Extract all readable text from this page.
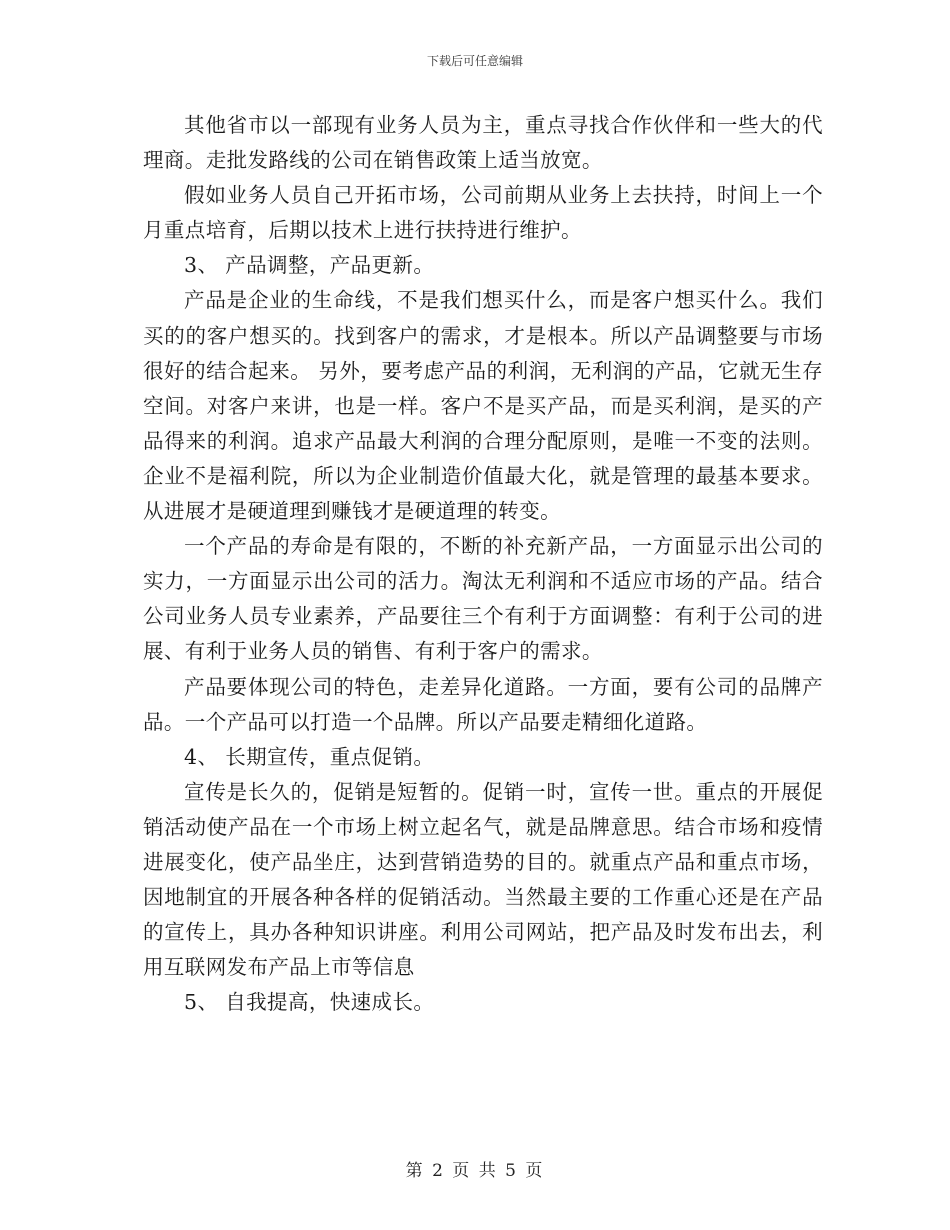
下载后可任意编辑

其他省市以一部现有业务人员为主，重点寻找合作伙伴和一些大的代理商。走批发路线的公司在销售政策上适当放宽。

假如业务人员自己开拓市场，公司前期从业务上去扶持，时间上一个月重点培育，后期以技术上进行扶持进行维护。

3、 产品调整，产品更新。

产品是企业的生命线，不是我们想买什么，而是客户想买什么。我们买的的客户想买的。找到客户的需求，才是根本。所以产品调整要与市场很好的结合起来。 另外，要考虑产品的利润，无利润的产品，它就无生存空间。对客户来讲，也是一样。客户不是买产品，而是买利润，是买的产品得来的利润。追求产品最大利润的合理分配原则，是唯一不变的法则。 企业不是福利院，所以为企业制造价值最大化，就是管理的最基本要求。从进展才是硬道理到赚钱才是硬道理的转变。

一个产品的寿命是有限的，不断的补充新产品，一方面显示出公司的实力，一方面显示出公司的活力。淘汰无利润和不适应市场的产品。结合公司业务人员专业素养，产品要往三个有利于方面调整：有利于公司的进展、有利于业务人员的销售、有利于客户的需求。

产品要体现公司的特色，走差异化道路。一方面，要有公司的品牌产品。一个产品可以打造一个品牌。所以产品要走精细化道路。

4、 长期宣传，重点促销。

宣传是长久的，促销是短暂的。促销一时，宣传一世。重点的开展促销活动使产品在一个市场上树立起名气，就是品牌意思。结合市场和疫情进展变化，使产品坐庄，达到营销造势的目的。就重点产品和重点市场，因地制宜的开展各种各样的促销活动。当然最主要的工作重心还是在产品的宣传上，具办各种知识讲座。利用公司网站，把产品及时发布出去，利用互联网发布产品上市等信息

5、 自我提高，快速成长。

第 2 页 共 5 页
